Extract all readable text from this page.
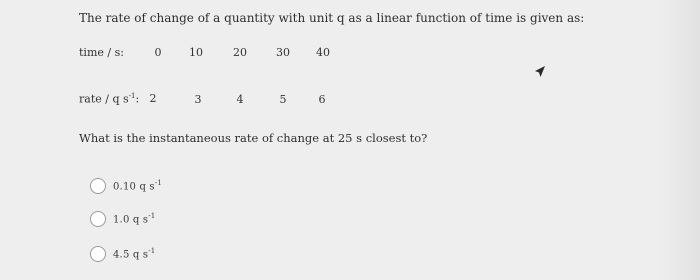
The rate of change of a quantity with unit q as a linear function of time is given as:
time / s:	0	10	20	30	40
rate / q $s^{-1}$: 2	3	4	5	6
What is the instantaneous rate of change at 25 s closest to?
0.10 q $s^{-1}$
1.0 q $s^{-1}$
4.5 q $s^{-1}$
